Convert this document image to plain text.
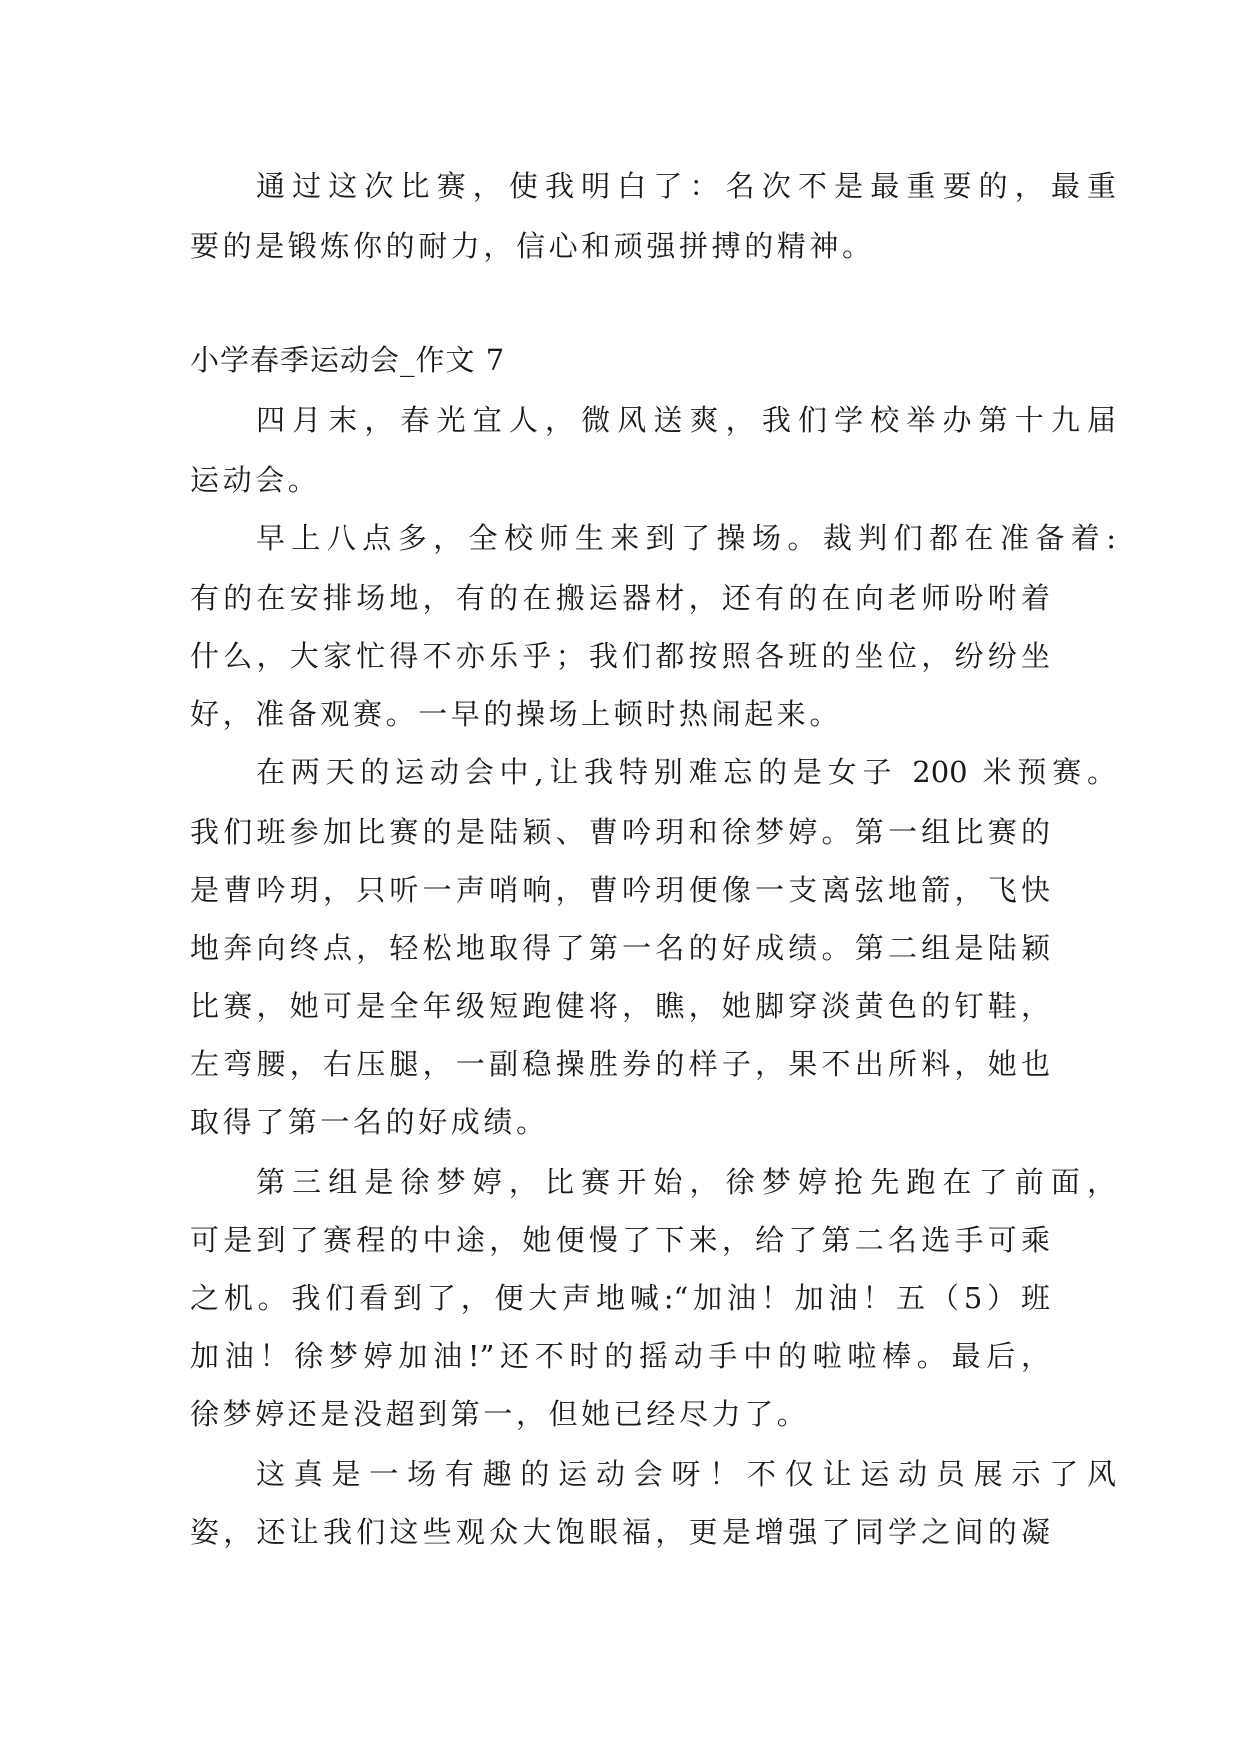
通过这次比赛，使我明白了：名次不是最重要的，最重
要的是锻炼你的耐力，信心和顽强拼搏的精神。
小学春季运动会_作文 7
四月末，春光宜人，微风送爽，我们学校举办第十九届
运动会。
早上八点多，全校师生来到了操场。裁判们都在准备着:
有的在安排场地，有的在搬运器材，还有的在向老师吩咐着
什么，大家忙得不亦乐乎；我们都按照各班的坐位，纷纷坐
好，准备观赛。一早的操场上顿时热闹起来。
在两天的运动会中,让我特别难忘的是女子 200 米预赛。
我们班参加比赛的是陆颖、曹吟玥和徐梦婷。第一组比赛的
是曹吟玥，只听一声哨响，曹吟玥便像一支离弦地箭，飞快
地奔向终点，轻松地取得了第一名的好成绩。第二组是陆颖
比赛，她可是全年级短跑健将，瞧，她脚穿淡黄色的钉鞋，
左弯腰，右压腿，一副稳操胜券的样子，果不出所料，她也
取得了第一名的好成绩。
第三组是徐梦婷，比赛开始，徐梦婷抢先跑在了前面，
可是到了赛程的中途，她便慢了下来，给了第二名选手可乘
之机。我们看到了，便大声地喊:“加油！加油！五（5）班
加油！徐梦婷加油!”还不时的摇动手中的啦啦棒。最后，
徐梦婷还是没超到第一，但她已经尽力了。
这真是一场有趣的运动会呀！不仅让运动员展示了风
姿，还让我们这些观众大饱眼福，更是增强了同学之间的凝
